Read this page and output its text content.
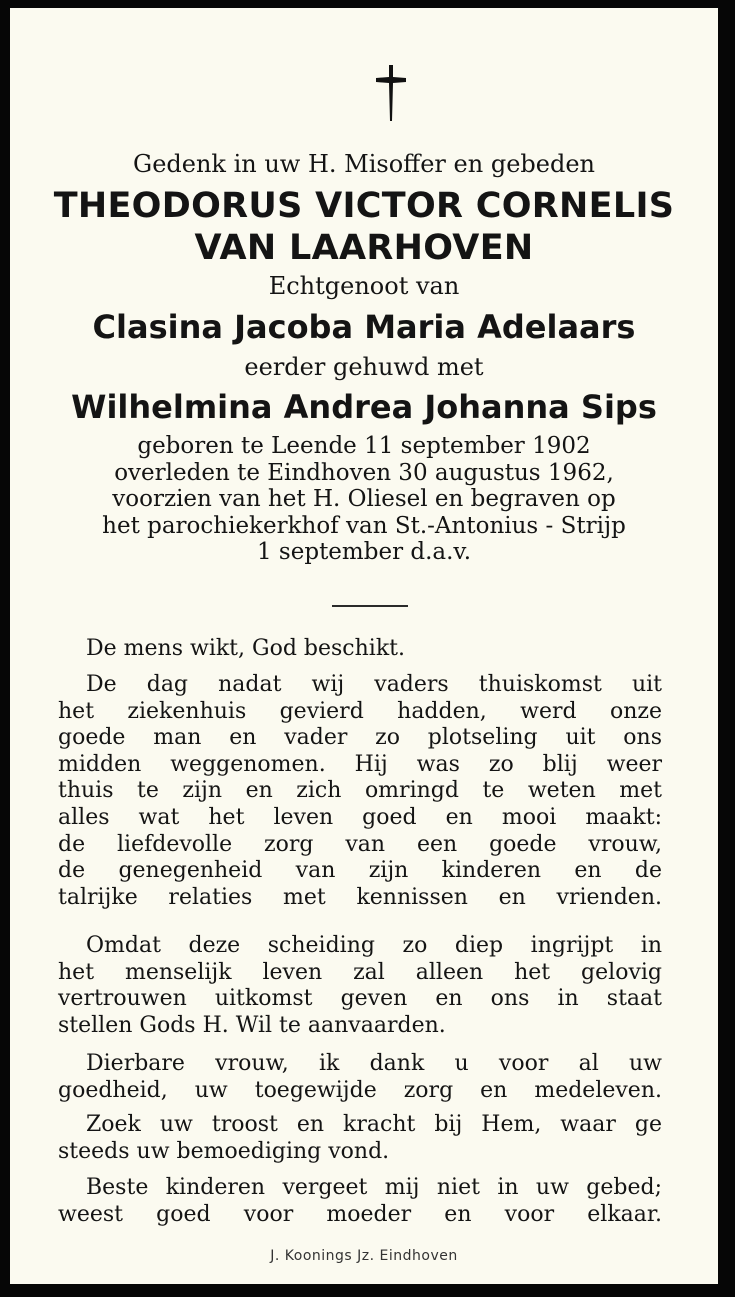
Gedenk in uw H. Misoffer en gebeden
THEODORUS VICTOR CORNELIS
VAN LAARHOVEN
Echtgenoot van
Clasina Jacoba Maria Adelaars
eerder gehuwd met
Wilhelmina Andrea Johanna Sips
geboren te Leende 11 september 1902
overleden te Eindhoven 30 augustus 1962,
voorzien van het H. Oliesel en begraven op
het parochiekerkhof van St.-Antonius - Strijp
1 september d.a.v.

De mens wikt, God beschikt.

De dag nadat wij vaders thuiskomst uit

het ziekenhuis gevierd hadden, werd onze

goede man en vader zo plotseling uit ons

midden weggenomen. Hij was zo blij weer

thuis te zijn en zich omringd te weten met

alles wat het leven goed en mooi maakt:

de liefdevolle zorg van een goede vrouw,

de genegenheid van zijn kinderen en de

talrijke relaties met kennissen en vrienden.

Omdat deze scheiding zo diep ingrijpt in

het menselijk leven zal alleen het gelovig

vertrouwen uitkomst geven en ons in staat

stellen Gods H. Wil te aanvaarden.

Dierbare vrouw, ik dank u voor al uw

goedheid, uw toegewijde zorg en medeleven.

Zoek uw troost en kracht bij Hem, waar ge

steeds uw bemoediging vond.

Beste kinderen vergeet mij niet in uw gebed;

weest goed voor moeder en voor elkaar.

J. Koonings Jz. Eindhoven
